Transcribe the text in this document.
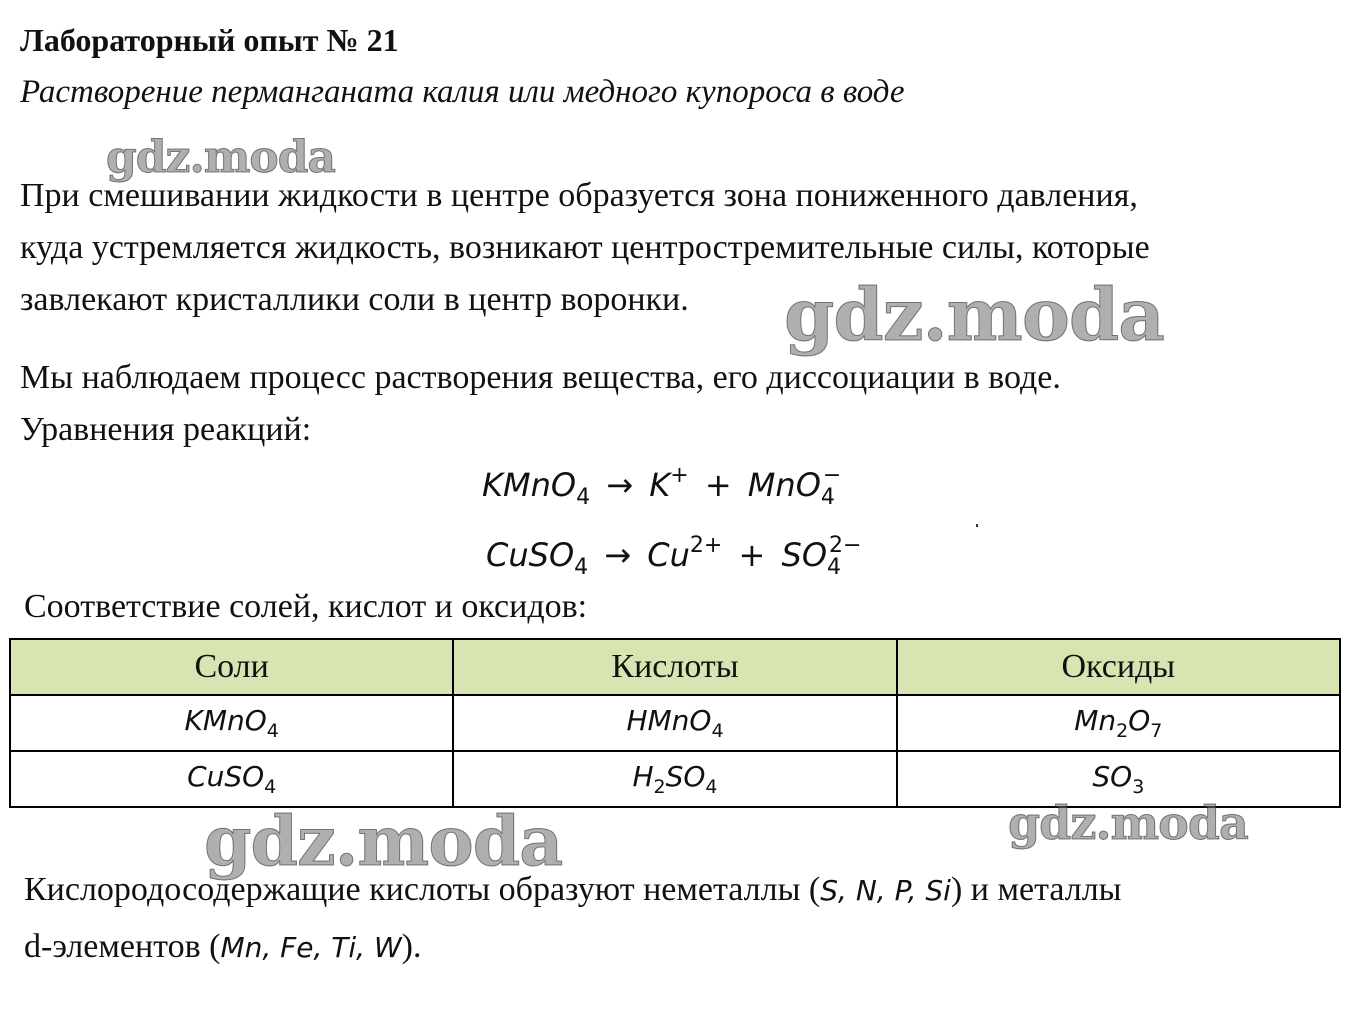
Лабораторный опыт № 21
Растворение перманганата калия или медного купороса в воде
При смешивании жидкости в центре образуется зона пониженного давления,
куда устремляется жидкость, возникают центростремительные силы, которые
завлекают кристаллики соли в центр воронки.
Мы наблюдаем процесс растворения вещества, его диссоциации в воде.
Уравнения реакций:
KMnO$_4$ → K+ + MnO$_4$−
CuSO$_4$ → $Cu^{2+} + SO_4^{2-}$
Соответствие солей, кислот и оксидов:
Соли	Кислоты	Оксиды
KMnO$_4$	HMnO$_4$	$Mn_2O_7$
CuSO$_4$	$H_2SO_4$	$SO_3$
Кислородосодержащие кислоты образуют неметаллы (S, N, P, Si) и металлы
d-элементов (Mn, Fe, Ti, W).
gdz.moda
gdz.moda
gdz.moda	gdz.moda
